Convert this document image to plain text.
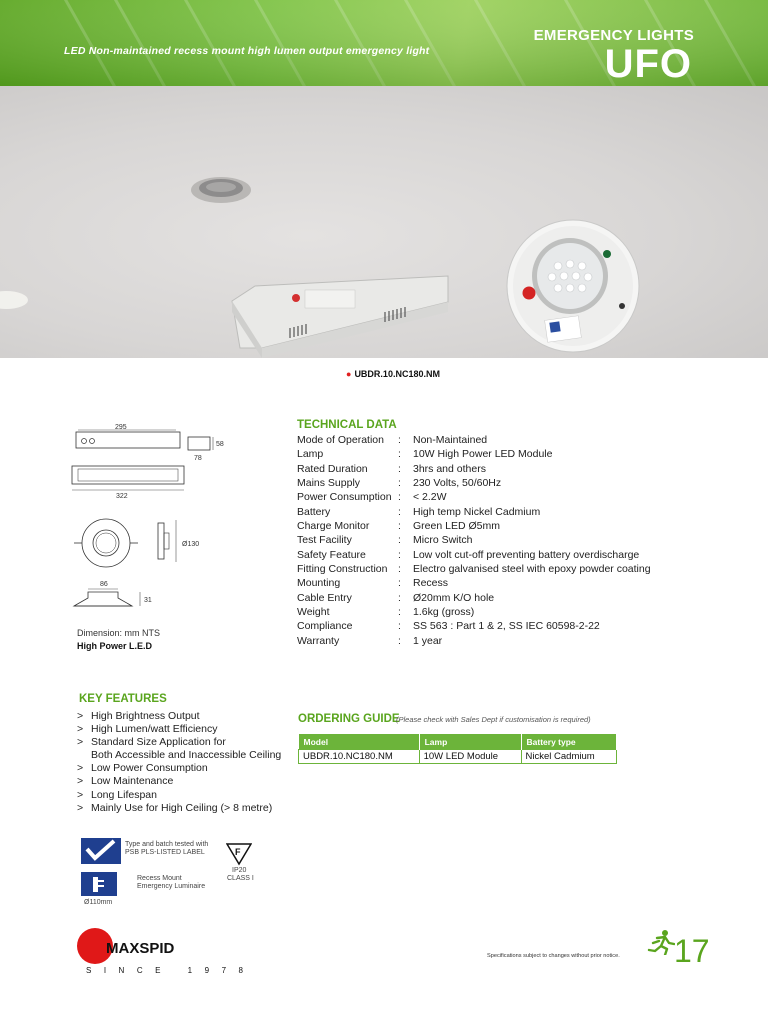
LED Non-maintained recess mount high lumen output emergency light
EMERGENCY LIGHTS
UFO
● UBDR.10.NC180.NM
295
322
58
78
Ø130
86
31
Dimension: mm NTS
High Power L.E.D
TECHNICAL DATA
Mode of Operation : Non-Maintained
Lamp	: 10W High Power LED Module
Rated Duration	: 3hrs and others
Mains Supply	: 230 Volts, 50/60Hz
Power Consumption : < 2.2W
Battery	: High temp Nickel Cadmium
Charge Monitor	: Green LED Ø5mm
Test Facility	: Micro Switch
Safety Feature	: Low volt cut-off preventing battery overdischarge
Fitting Construction : Electro galvanised steel with epoxy powder coating
Mounting	: Recess
Cable Entry	: Ø20mm K/O hole
Weight	: 1.6kg (gross)
Compliance	: SS 563 : Part 1 & 2, SS IEC 60598-2-22
Warranty	: 1 year
KEY FEATURES
> High Brightness Output
> High Lumen/watt Efficiency
> Standard Size Application for
Both Accessible and Inaccessible Ceiling
> Low Power Consumption
> Low Maintenance
> Long Lifespan
> Mainly Use for High Ceiling (> 8 metre)
ORDERING GUIDE
(Please check with Sales Dept if customisation is required)
Model	Lamp	Battery type
UBDR.10.NC180.NM	10W LED Module	Nickel Cadmium
Type and batch tested with
PSB PLS-LISTED LABEL
Recess Mount
Emergency Luminaire
Ø110mm
F
IP20
CLASS I
MAXSPID
SINCE 1978
Specifications subject to changes without prior notice. 17
